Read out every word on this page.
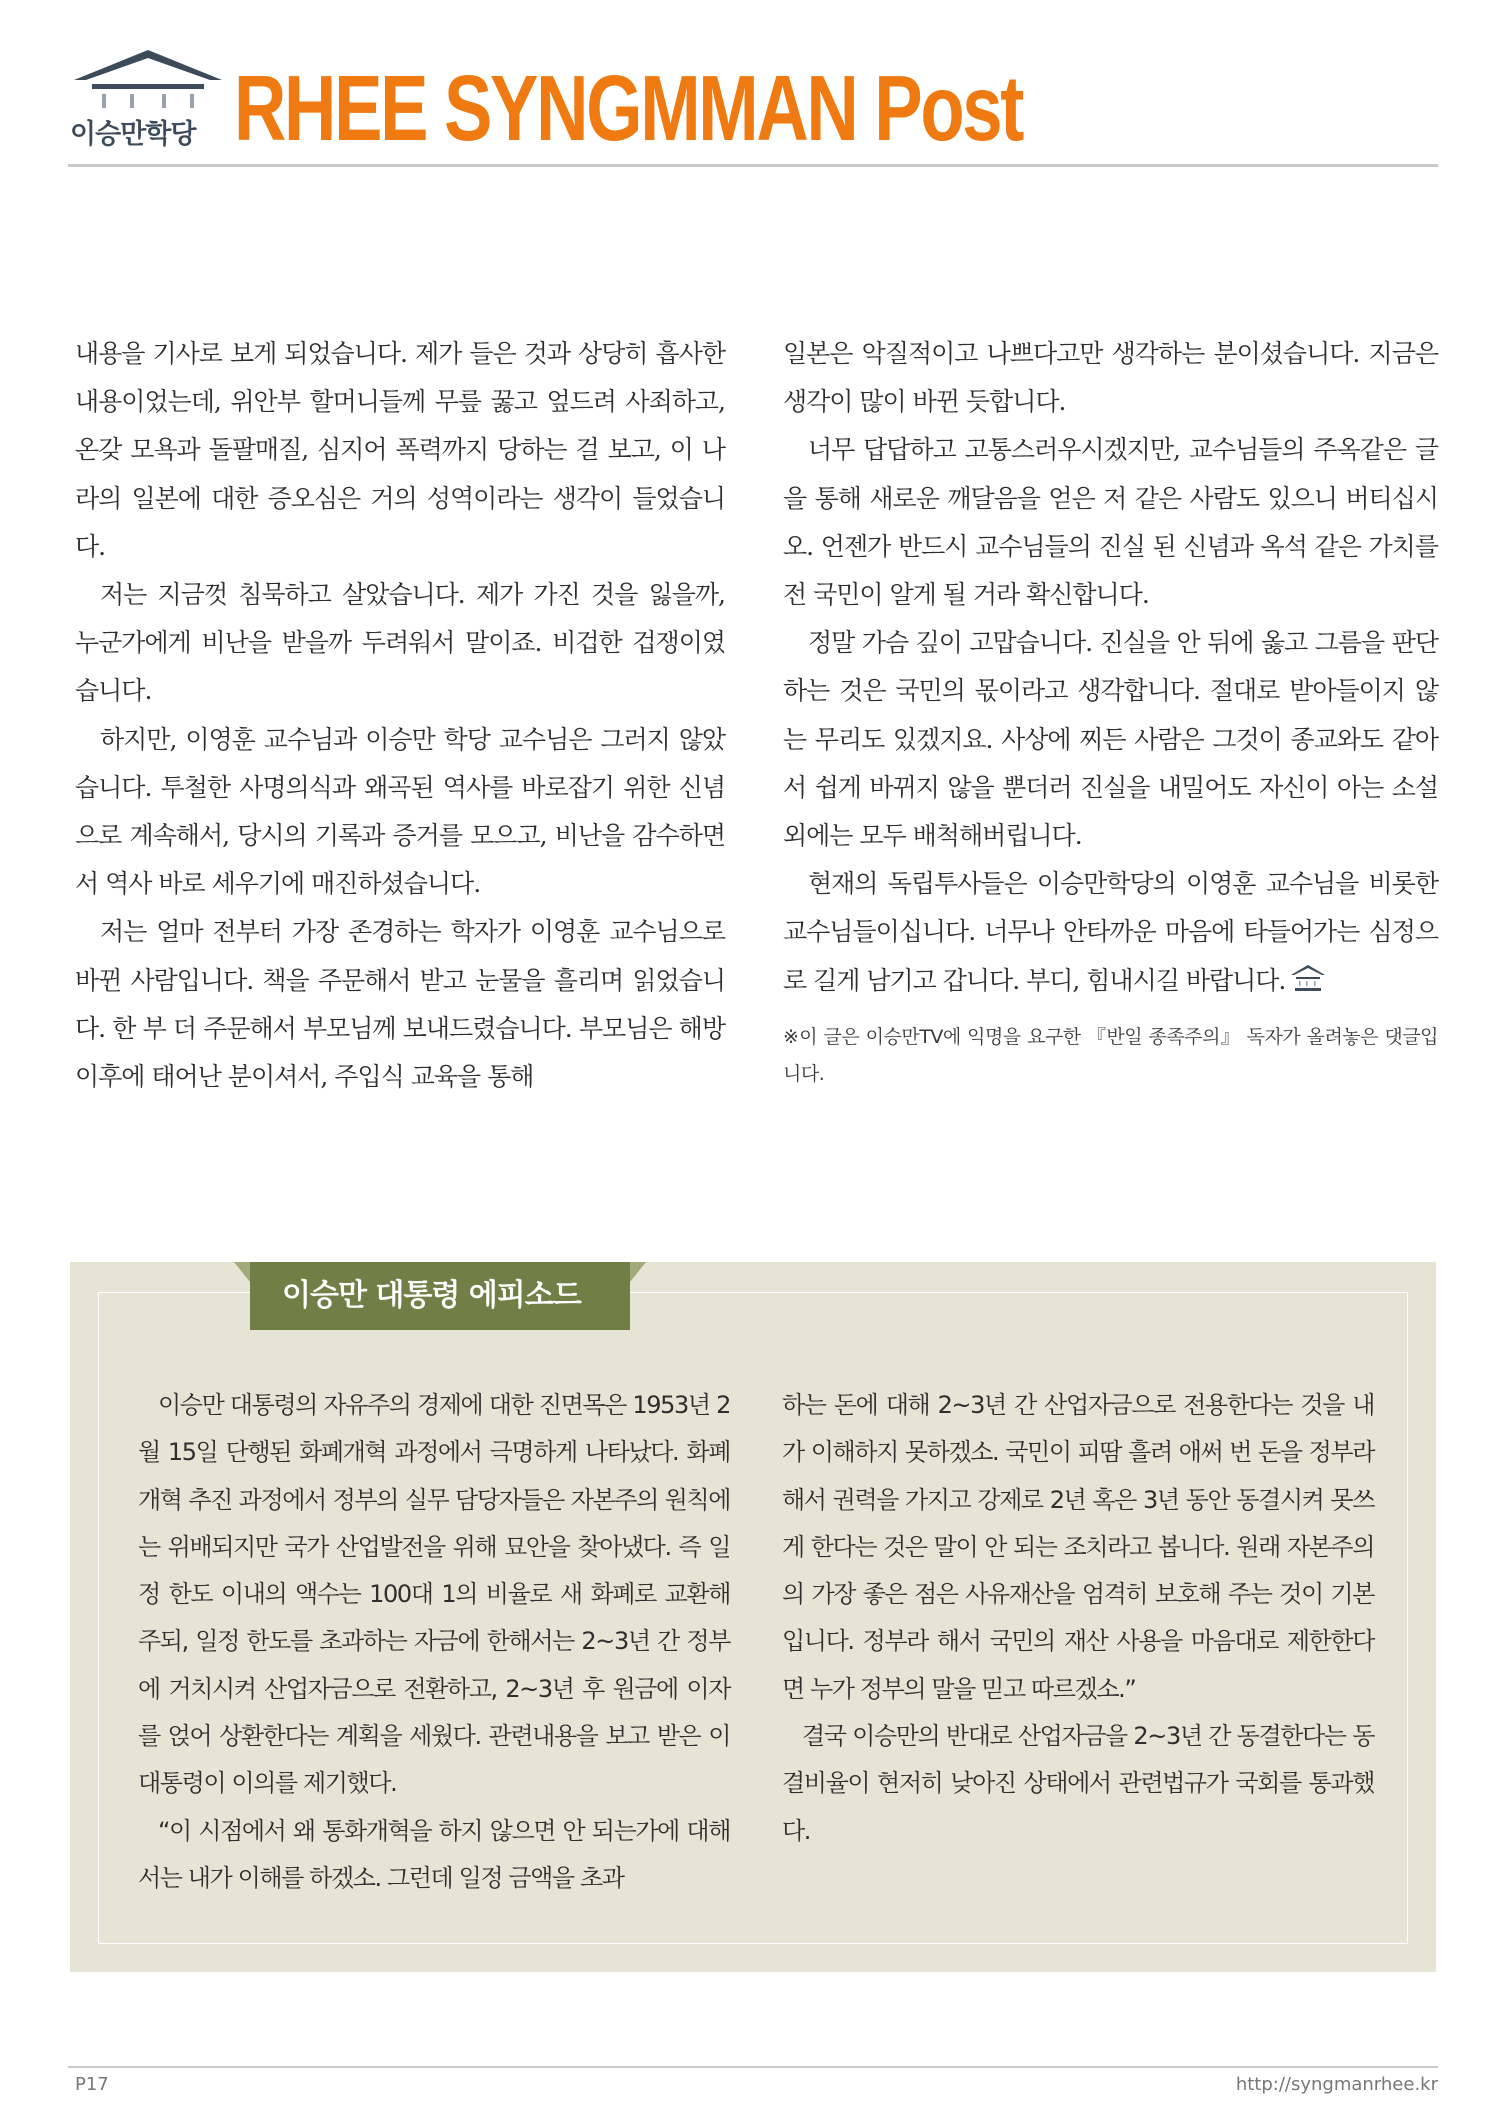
이승만학당 RHEE SYNGMMAN Post

내용을 기사로 보게 되었습니다. 제가 들은 것과 상당히 흡사한 내용이었는데, 위안부 할머니들께 무릎 꿇고 엎드려 사죄하고, 온갖 모욕과 돌팔매질, 심지어 폭력까지 당하는 걸 보고, 이 나라의 일본에 대한 증오심은 거의 성역이라는 생각이 들었습니다.

저는 지금껏 침묵하고 살았습니다. 제가 가진 것을 잃을까, 누군가에게 비난을 받을까 두려워서 말이죠. 비겁한 겁쟁이였습니다.

하지만, 이영훈 교수님과 이승만 학당 교수님은 그러지 않았습니다. 투철한 사명의식과 왜곡된 역사를 바로잡기 위한 신념으로 계속해서, 당시의 기록과 증거를 모으고, 비난을 감수하면서 역사 바로 세우기에 매진하셨습니다.

저는 얼마 전부터 가장 존경하는 학자가 이영훈 교수님으로 바뀐 사람입니다. 책을 주문해서 받고 눈물을 흘리며 읽었습니다. 한 부 더 주문해서 부모님께 보내드렸습니다. 부모님은 해방 이후에 태어난 분이셔서, 주입식 교육을 통해

일본은 악질적이고 나쁘다고만 생각하는 분이셨습니다. 지금은 생각이 많이 바뀐 듯합니다.

너무 답답하고 고통스러우시겠지만, 교수님들의 주옥같은 글을 통해 새로운 깨달음을 얻은 저 같은 사람도 있으니 버티십시오. 언젠가 반드시 교수님들의 진실 된 신념과 옥석 같은 가치를 전 국민이 알게 될 거라 확신합니다.

정말 가슴 깊이 고맙습니다. 진실을 안 뒤에 옳고 그름을 판단하는 것은 국민의 몫이라고 생각합니다. 절대로 받아들이지 않는 무리도 있겠지요. 사상에 찌든 사람은 그것이 종교와도 같아서 쉽게 바뀌지 않을 뿐더러 진실을 내밀어도 자신이 아는 소설 외에는 모두 배척해버립니다.

현재의 독립투사들은 이승만학당의 이영훈 교수님을 비롯한 교수님들이십니다. 너무나 안타까운 마음에 타들어가는 심정으로 길게 남기고 갑니다. 부디, 힘내시길 바랍니다.

※이 글은 이승만TV에 익명을 요구한 『반일 종족주의』 독자가 올려놓은 댓글입니다.

이승만 대통령 에피소드

이승만 대통령의 자유주의 경제에 대한 진면목은 1953년 2월 15일 단행된 화폐개혁 과정에서 극명하게 나타났다. 화폐개혁 추진 과정에서 정부의 실무 담당자들은 자본주의 원칙에는 위배되지만 국가 산업발전을 위해 묘안을 찾아냈다. 즉 일정 한도 이내의 액수는 100대 1의 비율로 새 화폐로 교환해 주되, 일정 한도를 초과하는 자금에 한해서는 2~3년 간 정부에 거치시켜 산업자금으로 전환하고, 2~3년 후 원금에 이자를 얹어 상환한다는 계획을 세웠다. 관련내용을 보고 받은 이 대통령이 이의를 제기했다.

“이 시점에서 왜 통화개혁을 하지 않으면 안 되는가에 대해서는 내가 이해를 하겠소. 그런데 일정 금액을 초과

하는 돈에 대해 2~3년 간 산업자금으로 전용한다는 것을 내가 이해하지 못하겠소. 국민이 피땀 흘려 애써 번 돈을 정부라 해서 권력을 가지고 강제로 2년 혹은 3년 동안 동결시켜 못쓰게 한다는 것은 말이 안 되는 조치라고 봅니다. 원래 자본주의의 가장 좋은 점은 사유재산을 엄격히 보호해 주는 것이 기본입니다. 정부라 해서 국민의 재산 사용을 마음대로 제한한다면 누가 정부의 말을 믿고 따르겠소.”

결국 이승만의 반대로 산업자금을 2~3년 간 동결한다는 동결비율이 현저히 낮아진 상태에서 관련법규가 국회를 통과했다.

P17	http://syngmanrhee.kr
